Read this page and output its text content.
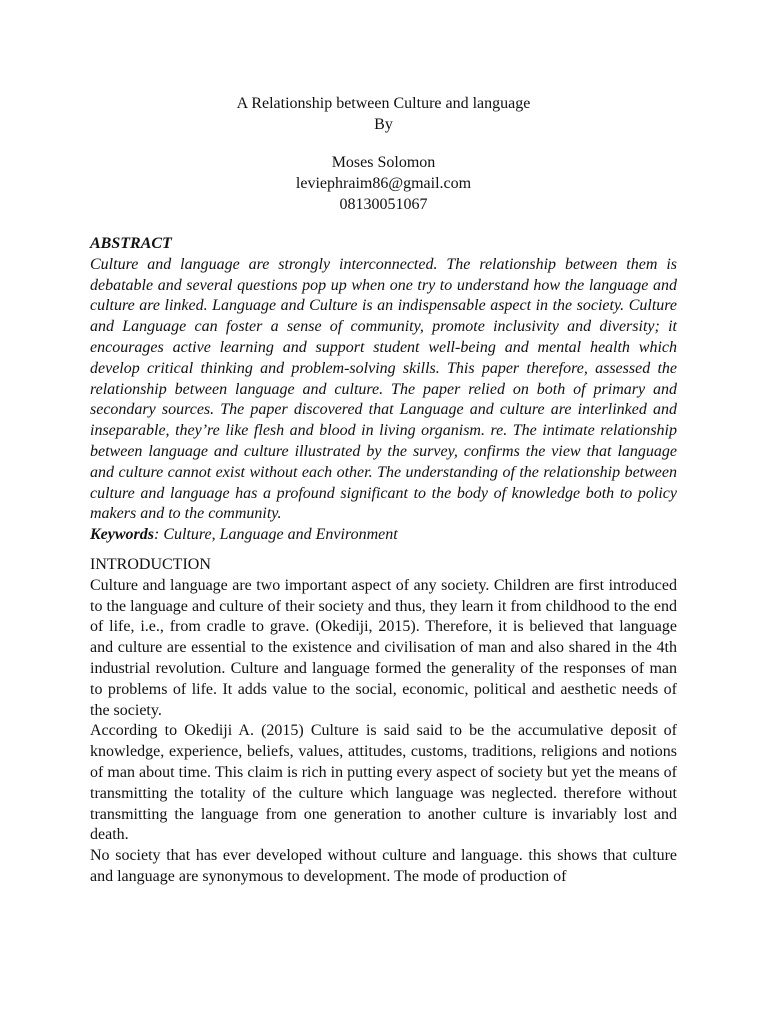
A Relationship between Culture and language
By
Moses Solomon
leviephraim86@gmail.com
08130051067
ABSTRACT
Culture and language are strongly interconnected. The relationship between them is debatable and several questions pop up when one try to understand how the language and culture are linked. Language and Culture is an indispensable aspect in the society. Culture and Language can foster a sense of community, promote inclusivity and diversity; it encourages active learning and support student well-being and mental health which develop critical thinking and problem-solving skills. This paper therefore, assessed the relationship between language and culture. The paper relied on both of primary and secondary sources. The paper discovered that Language and culture are interlinked and inseparable, they’re like flesh and blood in living organism. re. The intimate relationship between language and culture illustrated by the survey, confirms the view that language and culture cannot exist without each other. The understanding of the relationship between culture and language has a profound significant to the body of knowledge both to policy makers and to the community.
Keywords: Culture, Language and Environment
INTRODUCTION

Culture and language are two important aspect of any society. Children are first introduced to the language and culture of their society and thus, they learn it from childhood to the end of life, i.e., from cradle to grave. (Okediji, 2015). Therefore, it is believed that language and culture are essential to the existence and civilisation of man and also shared in the 4th industrial revolution. Culture and language formed the generality of the responses of man to problems of life. It adds value to the social, economic, political and aesthetic needs of the society.

According to Okediji A. (2015) Culture is said said to be the accumulative deposit of knowledge, experience, beliefs, values, attitudes, customs, traditions, religions and notions of man about time. This claim is rich in putting every aspect of society but yet the means of transmitting the totality of the culture which language was neglected. therefore without transmitting the language from one generation to another culture is invariably lost and death.

No society that has ever developed without culture and language. this shows that culture and language are synonymous to development. The mode of production of
